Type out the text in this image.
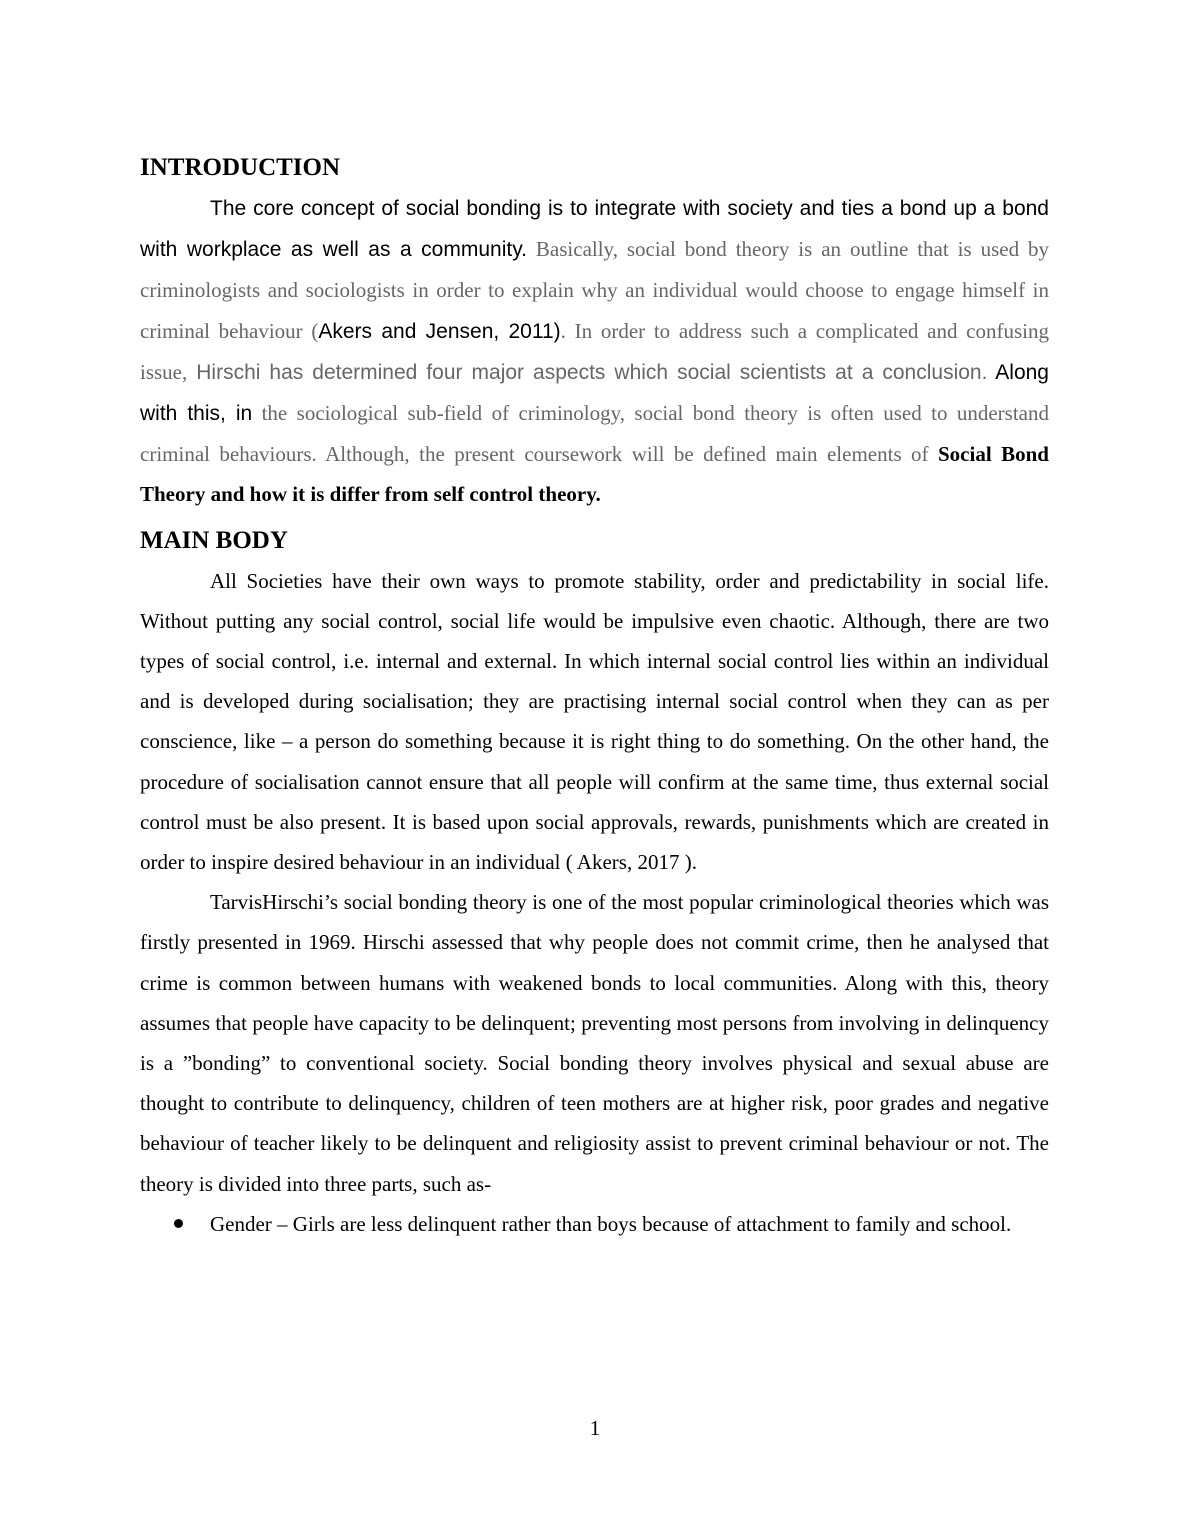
INTRODUCTION

The core concept of social bonding is to integrate with society and ties a bond up a bond with workplace as well as a community. Basically, social bond theory is an outline that is used by criminologists and sociologists in order to explain why an individual would choose to engage himself in criminal behaviour (Akers and Jensen, 2011). In order to address such a complicated and confusing issue, Hirschi has determined four major aspects which social scientists at a conclusion. Along with this, in the sociological sub-field of criminology, social bond theory is often used to understand criminal behaviours. Although, the present coursework will be defined main elements of Social Bond Theory and how it is differ from self control theory.

MAIN BODY

All Societies have their own ways to promote stability, order and predictability in social life. Without putting any social control, social life would be impulsive even chaotic. Although, there are two types of social control, i.e. internal and external. In which internal social control lies within an individual and is developed during socialisation; they are practising internal social control when they can as per conscience, like – a person do something because it is right thing to do something. On the other hand, the procedure of socialisation cannot ensure that all people will confirm at the same time, thus external social control must be also present. It is based upon social approvals, rewards, punishments which are created in order to inspire desired behaviour in an individual ( Akers, 2017 ).

TarvisHirschi’s social bonding theory is one of the most popular criminological theories which was firstly presented in 1969. Hirschi assessed that why people does not commit crime, then he analysed that crime is common between humans with weakened bonds to local communities. Along with this, theory assumes that people have capacity to be delinquent; preventing most persons from involving in delinquency is a ”bonding” to conventional society. Social bonding theory involves physical and sexual abuse are thought to contribute to delinquency, children of teen mothers are at higher risk, poor grades and negative behaviour of teacher likely to be delinquent and religiosity assist to prevent criminal behaviour or not. The theory is divided into three parts, such as-

Gender – Girls are less delinquent rather than boys because of attachment to family and school.
1
